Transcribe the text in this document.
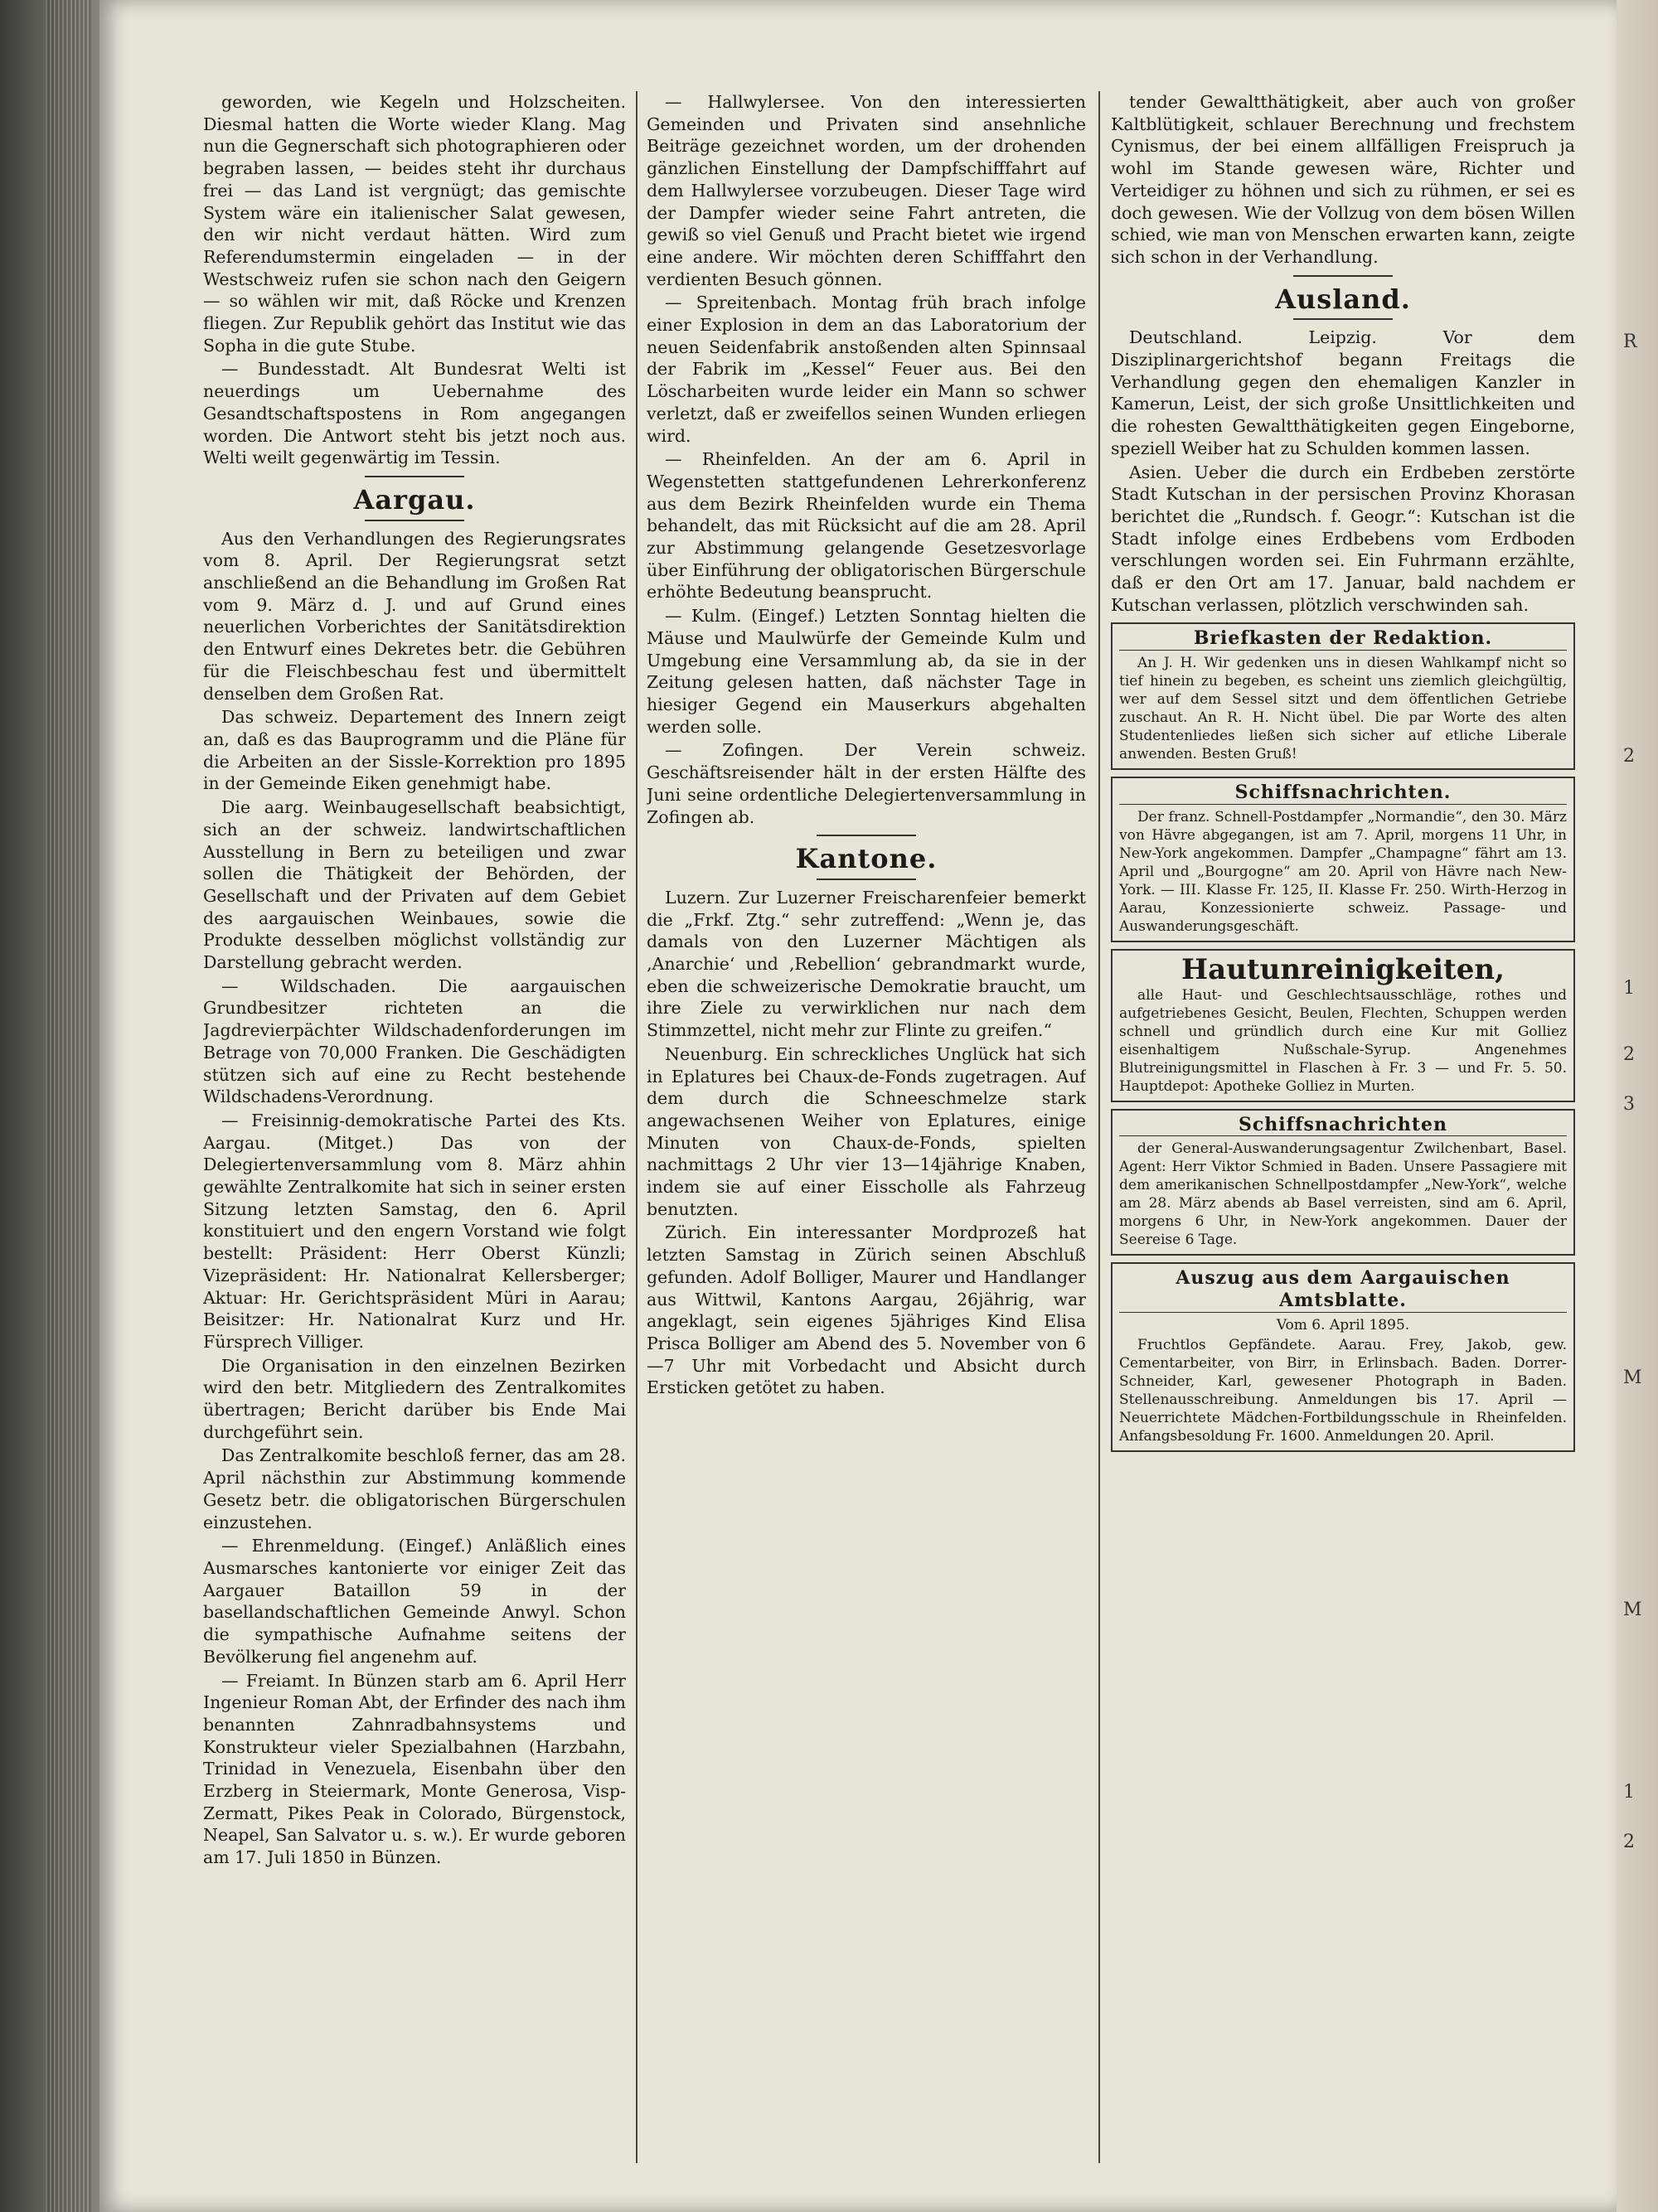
R
2
1
2
3
M
M
1
2

geworden, wie Kegeln und Holzscheiten. Diesmal hatten die Worte wieder Klang. Mag nun die Gegnerschaft sich photographieren oder begraben lassen, — beides steht ihr durchaus frei — das Land ist vergnügt; das gemischte System wäre ein italienischer Salat gewesen, den wir nicht verdaut hätten. Wird zum Referendumstermin eingeladen — in der Westschweiz rufen sie schon nach den Geigern — so wählen wir mit, daß Röcke und Krenzen fliegen. Zur Republik gehört das Institut wie das Sopha in die gute Stube.

— Bundesstadt. Alt Bundesrat Welti ist neuerdings um Uebernahme des Gesandtschaftspostens in Rom angegangen worden. Die Antwort steht bis jetzt noch aus. Welti weilt gegenwärtig im Tessin.

Aargau.

Aus den Verhandlungen des Regierungsrates vom 8. April. Der Regierungsrat setzt anschließend an die Behandlung im Großen Rat vom 9. März d. J. und auf Grund eines neuerlichen Vorberichtes der Sanitätsdirektion den Entwurf eines Dekretes betr. die Gebühren für die Fleischbeschau fest und übermittelt denselben dem Großen Rat.

Das schweiz. Departement des Innern zeigt an, daß es das Bauprogramm und die Pläne für die Arbeiten an der Sissle-Korrektion pro 1895 in der Gemeinde Eiken genehmigt habe.

Die aarg. Weinbaugesellschaft beabsichtigt, sich an der schweiz. landwirtschaftlichen Ausstellung in Bern zu beteiligen und zwar sollen die Thätigkeit der Behörden, der Gesellschaft und der Privaten auf dem Gebiet des aargauischen Weinbaues, sowie die Produkte desselben möglichst vollständig zur Darstellung gebracht werden.

— Wildschaden. Die aargauischen Grundbesitzer richteten an die Jagdrevierpächter Wildschadenforderungen im Betrage von 70,000 Franken. Die Geschädigten stützen sich auf eine zu Recht bestehende Wildschadens-Verordnung.

— Freisinnig-demokratische Partei des Kts. Aargau. (Mitget.) Das von der Delegiertenversammlung vom 8. März ahhin gewählte Zentralkomite hat sich in seiner ersten Sitzung letzten Samstag, den 6. April konstituiert und den engern Vorstand wie folgt bestellt: Präsident: Herr Oberst Künzli; Vizepräsident: Hr. Nationalrat Kellersberger; Aktuar: Hr. Gerichtspräsident Müri in Aarau; Beisitzer: Hr. Nationalrat Kurz und Hr. Fürsprech Villiger.

Die Organisation in den einzelnen Bezirken wird den betr. Mitgliedern des Zentralkomites übertragen; Bericht darüber bis Ende Mai durchgeführt sein.

Das Zentralkomite beschloß ferner, das am 28. April nächsthin zur Abstimmung kommende Gesetz betr. die obligatorischen Bürgerschulen einzustehen.

— Ehrenmeldung. (Eingef.) Anläßlich eines Ausmarsches kantonierte vor einiger Zeit das Aargauer Bataillon 59 in der basellandschaftlichen Gemeinde Anwyl. Schon die sympathische Aufnahme seitens der Bevölkerung fiel angenehm auf.

— Freiamt. In Bünzen starb am 6. April Herr Ingenieur Roman Abt, der Erfinder des nach ihm benannten Zahnradbahnsystems und Konstrukteur vieler Spezialbahnen (Harzbahn, Trinidad in Venezuela, Eisenbahn über den Erzberg in Steiermark, Monte Generosa, Visp-Zermatt, Pikes Peak in Colorado, Bürgenstock, Neapel, San Salvator u. s. w.). Er wurde geboren am 17. Juli 1850 in Bünzen.

— Hallwylersee. Von den interessierten Gemeinden und Privaten sind ansehnliche Beiträge gezeichnet worden, um der drohenden gänzlichen Einstellung der Dampfschifffahrt auf dem Hallwylersee vorzubeugen. Dieser Tage wird der Dampfer wieder seine Fahrt antreten, die gewiß so viel Genuß und Pracht bietet wie irgend eine andere. Wir möchten deren Schifffahrt den verdienten Besuch gönnen.

— Spreitenbach. Montag früh brach infolge einer Explosion in dem an das Laboratorium der neuen Seidenfabrik anstoßenden alten Spinnsaal der Fabrik im „Kessel“ Feuer aus. Bei den Löscharbeiten wurde leider ein Mann so schwer verletzt, daß er zweifellos seinen Wunden erliegen wird.

— Rheinfelden. An der am 6. April in Wegenstetten stattgefundenen Lehrerkonferenz aus dem Bezirk Rheinfelden wurde ein Thema behandelt, das mit Rücksicht auf die am 28. April zur Abstimmung gelangende Gesetzesvorlage über Einführung der obligatorischen Bürgerschule erhöhte Bedeutung beansprucht.

— Kulm. (Eingef.) Letzten Sonntag hielten die Mäuse und Maulwürfe der Gemeinde Kulm und Umgebung eine Versammlung ab, da sie in der Zeitung gelesen hatten, daß nächster Tage in hiesiger Gegend ein Mauserkurs abgehalten werden solle.

— Zofingen. Der Verein schweiz. Geschäftsreisender hält in der ersten Hälfte des Juni seine ordentliche Delegiertenversammlung in Zofingen ab.

Kantone.

Luzern. Zur Luzerner Freischarenfeier bemerkt die „Frkf. Ztg.“ sehr zutreffend: „Wenn je, das damals von den Luzerner Mächtigen als ‚Anarchie‘ und ‚Rebellion‘ gebrandmarkt wurde, eben die schweizerische Demokratie braucht, um ihre Ziele zu verwirklichen nur nach dem Stimmzettel, nicht mehr zur Flinte zu greifen.“

Neuenburg. Ein schreckliches Unglück hat sich in Eplatures bei Chaux-de-Fonds zugetragen. Auf dem durch die Schneeschmelze stark angewachsenen Weiher von Eplatures, einige Minuten von Chaux-de-Fonds, spielten nachmittags 2 Uhr vier 13—14jährige Knaben, indem sie auf einer Eisscholle als Fahrzeug benutzten.

Zürich. Ein interessanter Mordprozeß hat letzten Samstag in Zürich seinen Abschluß gefunden. Adolf Bolliger, Maurer und Handlanger aus Wittwil, Kantons Aargau, 26jährig, war angeklagt, sein eigenes 5jähriges Kind Elisa Prisca Bolliger am Abend des 5. November von 6—7 Uhr mit Vorbedacht und Absicht durch Ersticken getötet zu haben.

tender Gewaltthätigkeit, aber auch von großer Kaltblütigkeit, schlauer Berechnung und frechstem Cynismus, der bei einem allfälligen Freispruch ja wohl im Stande gewesen wäre, Richter und Verteidiger zu höhnen und sich zu rühmen, er sei es doch gewesen. Wie der Vollzug von dem bösen Willen schied, wie man von Menschen erwarten kann, zeigte sich schon in der Verhandlung.

Ausland.

Deutschland. Leipzig. Vor dem Disziplinargerichtshof begann Freitags die Verhandlung gegen den ehemaligen Kanzler in Kamerun, Leist, der sich große Unsittlichkeiten und die rohesten Gewaltthätigkeiten gegen Eingeborne, speziell Weiber hat zu Schulden kommen lassen.

Asien. Ueber die durch ein Erdbeben zerstörte Stadt Kutschan in der persischen Provinz Khorasan berichtet die „Rundsch. f. Geogr.“: Kutschan ist die Stadt infolge eines Erdbebens vom Erdboden verschlungen worden sei. Ein Fuhrmann erzählte, daß er den Ort am 17. Januar, bald nachdem er Kutschan verlassen, plötzlich verschwinden sah.

Briefkasten der Redaktion.

An J. H. Wir gedenken uns in diesen Wahlkampf nicht so tief hinein zu begeben, es scheint uns ziemlich gleichgültig, wer auf dem Sessel sitzt und dem öffentlichen Getriebe zuschaut. An R. H. Nicht übel. Die par Worte des alten Studentenliedes ließen sich sicher auf etliche Liberale anwenden. Besten Gruß!

Schiffsnachrichten.

Der franz. Schnell-Postdampfer „Normandie“, den 30. März von Hävre abgegangen, ist am 7. April, morgens 11 Uhr, in New-York angekommen. Dampfer „Champagne“ fährt am 13. April und „Bourgogne“ am 20. April von Hävre nach New-York. — III. Klasse Fr. 125, II. Klasse Fr. 250. Wirth-Herzog in Aarau, Konzessionierte schweiz. Passage- und Auswanderungsgeschäft.

Hautunreinigkeiten,

alle Haut- und Geschlechtsausschläge, rothes und aufgetriebenes Gesicht, Beulen, Flechten, Schuppen werden schnell und gründlich durch eine Kur mit Golliez eisenhaltigem Nußschale-Syrup. Angenehmes Blutreinigungsmittel in Flaschen à Fr. 3 — und Fr. 5. 50. Hauptdepot: Apotheke Golliez in Murten.

Schiffsnachrichten

der General-Auswanderungsagentur Zwilchenbart, Basel. Agent: Herr Viktor Schmied in Baden. Unsere Passagiere mit dem amerikanischen Schnellpostdampfer „New-York“, welche am 28. März abends ab Basel verreisten, sind am 6. April, morgens 6 Uhr, in New-York angekommen. Dauer der Seereise 6 Tage.

Auszug aus dem Aargauischen Amtsblatte.

Vom 6. April 1895.

Fruchtlos Gepfändete. Aarau. Frey, Jakob, gew. Cementarbeiter, von Birr, in Erlinsbach. Baden. Dorrer-Schneider, Karl, gewesener Photograph in Baden. Stellenausschreibung. Anmeldungen bis 17. April — Neuerrichtete Mädchen-Fortbildungsschule in Rheinfelden. Anfangsbesoldung Fr. 1600. Anmeldungen 20. April.
